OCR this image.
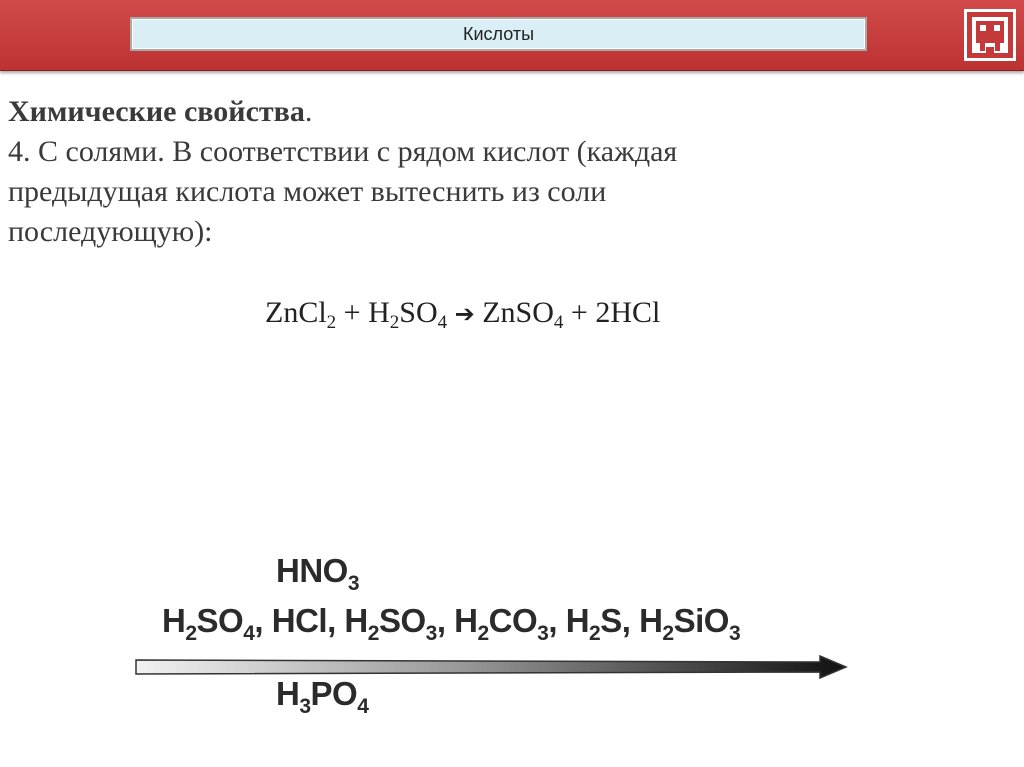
Кислоты
Химические свойства.
4. С солями. В соответствии с рядом кислот (каждая
предыдущая кислота может вытеснить из соли
последующую):
ZnCl$_2$ + $H_2SO_4$ ➔ ZnSO$_4$ + 2HCl
$HNO_3$
$H_2SO_4$, HCl, $H_2SO_3$, $H_2CO_3$, $H_2S$, $H_2SiO_3$
$H_3PO_4$
